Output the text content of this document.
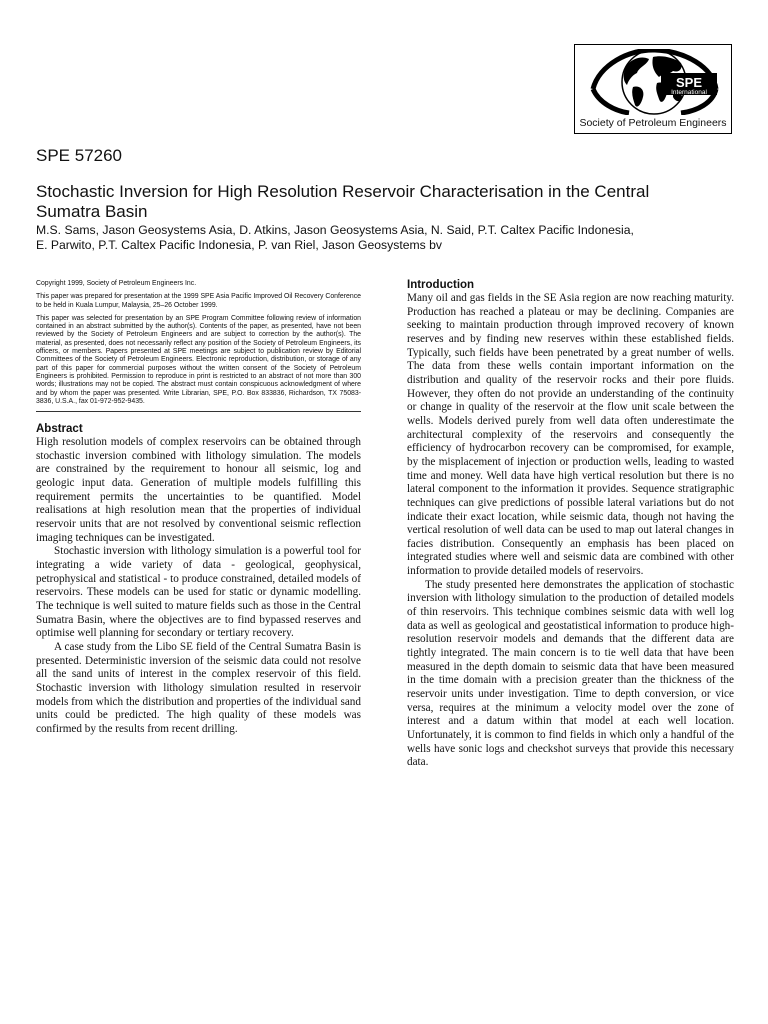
SPE
International
Society of Petroleum Engineers
SPE 57260
Stochastic Inversion for High Resolution Reservoir Characterisation in the Central Sumatra Basin
M.S. Sams, Jason Geosystems Asia, D. Atkins, Jason Geosystems Asia, N. Said, P.T. Caltex Pacific Indonesia,
E. Parwito, P.T. Caltex Pacific Indonesia, P. van Riel, Jason Geosystems bv

Copyright 1999, Society of Petroleum Engineers Inc.

This paper was prepared for presentation at the 1999 SPE Asia Pacific Improved Oil Recovery Conference to be held in Kuala Lumpur, Malaysia, 25–26 October 1999.

This paper was selected for presentation by an SPE Program Committee following review of information contained in an abstract submitted by the author(s). Contents of the paper, as presented, have not been reviewed by the Society of Petroleum Engineers and are subject to correction by the author(s). The material, as presented, does not necessarily reflect any position of the Society of Petroleum Engineers, its officers, or members. Papers presented at SPE meetings are subject to publication review by Editorial Committees of the Society of Petroleum Engineers. Electronic reproduction, distribution, or storage of any part of this paper for commercial purposes without the written consent of the Society of Petroleum Engineers is prohibited. Permission to reproduce in print is restricted to an abstract of not more than 300 words; illustrations may not be copied. The abstract must contain conspicuous acknowledgment of where and by whom the paper was presented. Write Librarian, SPE, P.O. Box 833836, Richardson, TX 75083-3836, U.S.A., fax 01-972-952-9435.

Abstract

High resolution models of complex reservoirs can be obtained through stochastic inversion combined with lithology simulation. The models are constrained by the requirement to honour all seismic, log and geologic input data. Generation of multiple models fulfilling this requirement permits the uncertainties to be quantified. Model realisations at high resolution mean that the properties of individual reservoir units that are not resolved by conventional seismic reflection imaging techniques can be investigated.

Stochastic inversion with lithology simulation is a powerful tool for integrating a wide variety of data - geological, geophysical, petrophysical and statistical - to produce constrained, detailed models of reservoirs. These models can be used for static or dynamic modelling. The technique is well suited to mature fields such as those in the Central Sumatra Basin, where the objectives are to find bypassed reserves and optimise well planning for secondary or tertiary recovery.

A case study from the Libo SE field of the Central Sumatra Basin is presented. Deterministic inversion of the seismic data could not resolve all the sand units of interest in the complex reservoir of this field. Stochastic inversion with lithology simulation resulted in reservoir models from which the distribution and properties of the individual sand units could be predicted. The high quality of these models was confirmed by the results from recent drilling.

Introduction

Many oil and gas fields in the SE Asia region are now reaching maturity. Production has reached a plateau or may be declining. Companies are seeking to maintain production through improved recovery of known reserves and by finding new reserves within these established fields. Typically, such fields have been penetrated by a great number of wells. The data from these wells contain important information on the distribution and quality of the reservoir rocks and their pore fluids. However, they often do not provide an understanding of the continuity or change in quality of the reservoir at the flow unit scale between the wells. Models derived purely from well data often underestimate the architectural complexity of the reservoirs and consequently the efficiency of hydrocarbon recovery can be compromised, for example, by the misplacement of injection or production wells, leading to wasted time and money. Well data have high vertical resolution but there is no lateral component to the information it provides. Sequence stratigraphic techniques can give predictions of possible lateral variations but do not indicate their exact location, while seismic data, though not having the vertical resolution of well data can be used to map out lateral changes in facies distribution. Consequently an emphasis has been placed on integrated studies where well and seismic data are combined with other information to provide detailed models of reservoirs.

The study presented here demonstrates the application of stochastic inversion with lithology simulation to the production of detailed models of thin reservoirs. This technique combines seismic data with well log data as well as geological and geostatistical information to produce high-resolution reservoir models and demands that the different data are tightly integrated. The main concern is to tie well data that have been measured in the depth domain to seismic data that have been measured in the time domain with a precision greater than the thickness of the reservoir units under investigation. Time to depth conversion, or vice versa, requires at the minimum a velocity model over the zone of interest and a datum within that model at each well location. Unfortunately, it is common to find fields in which only a handful of the wells have sonic logs and checkshot surveys that provide this necessary data.
